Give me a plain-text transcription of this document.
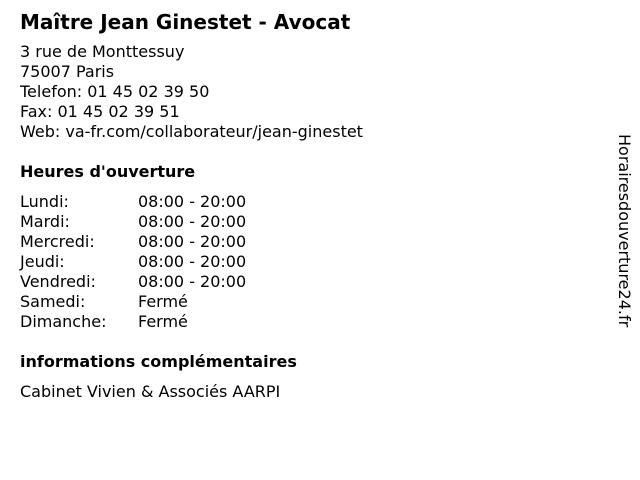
Maître Jean Ginestet - Avocat
3 rue de Monttessuy
75007 Paris
Telefon: 01 45 02 39 50
Fax: 01 45 02 39 51
Web: va-fr.com/collaborateur/jean-ginestet
Heures d'ouverture
Lundi:	08:00 - 20:00
Mardi:	08:00 - 20:00
Mercredi:	08:00 - 20:00
Jeudi:	08:00 - 20:00
Vendredi:	08:00 - 20:00
Samedi:	Fermé
Dimanche:	Fermé
informations complémentaires
Cabinet Vivien & Associés AARPI
Horairesdouverture24.fr
